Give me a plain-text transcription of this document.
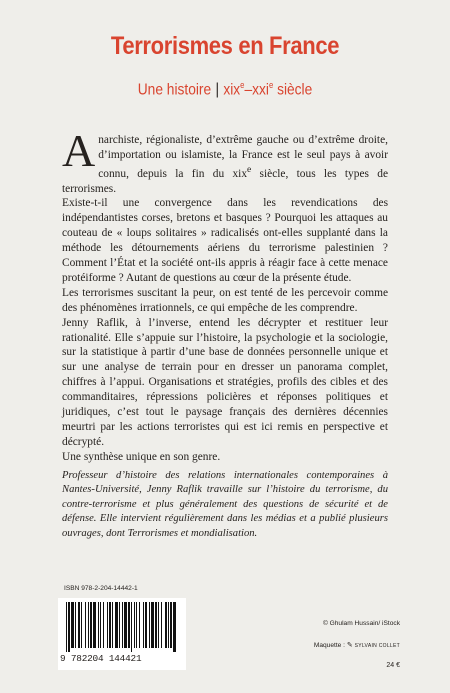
Terrorismes en France
Une histoire | xix$^e$–xxi$^e$ siècle

Anarchiste, régionaliste, d’extrême gauche ou d’extrême droite, d’importation ou islamiste, la France est le seul pays à avoir connu, depuis la fin du xix$^e$ siècle, tous les types de terrorismes.

Existe-t-il une convergence dans les revendications des indépendantistes corses, bretons et basques ? Pourquoi les attaques au couteau de « loups solitaires » radicalisés ont-elles supplanté dans la méthode les détournements aériens du terrorisme palestinien ? Comment l’État et la société ont-ils appris à réagir face à cette menace protéiforme ? Autant de questions au cœur de la présente étude.

Les terrorismes suscitant la peur, on est tenté de les percevoir comme des phénomènes irrationnels, ce qui empêche de les comprendre.

Jenny Raflik, à l’inverse, entend les décrypter et restituer leur rationalité. Elle s’appuie sur l’histoire, la psychologie et la sociologie, sur la statistique à partir d’une base de données personnelle unique et sur une analyse de terrain pour en dresser un panorama complet, chiffres à l’appui. Organisations et stratégies, profils des cibles et des commanditaires, répressions policières et réponses politiques et juridiques, c’est tout le paysage français des dernières décennies meurtri par les actions terroristes qui est ici remis en perspective et décrypté.

Une synthèse unique en son genre.

Professeur d’histoire des relations internationales contemporaines à Nantes-Université, Jenny Raflik travaille sur l’histoire du terrorisme, du contre-terrorisme et plus généralement des questions de sécurité et de défense. Elle intervient régulièrement dans les médias et a publié plusieurs ouvrages, dont Terrorismes et mondialisation.

ISBN 978-2-204-14442-1
9 782204 144421
© Ghulam Hussain/ iStock
Maquette : ✎ SYLVAIN COLLET
24 €
